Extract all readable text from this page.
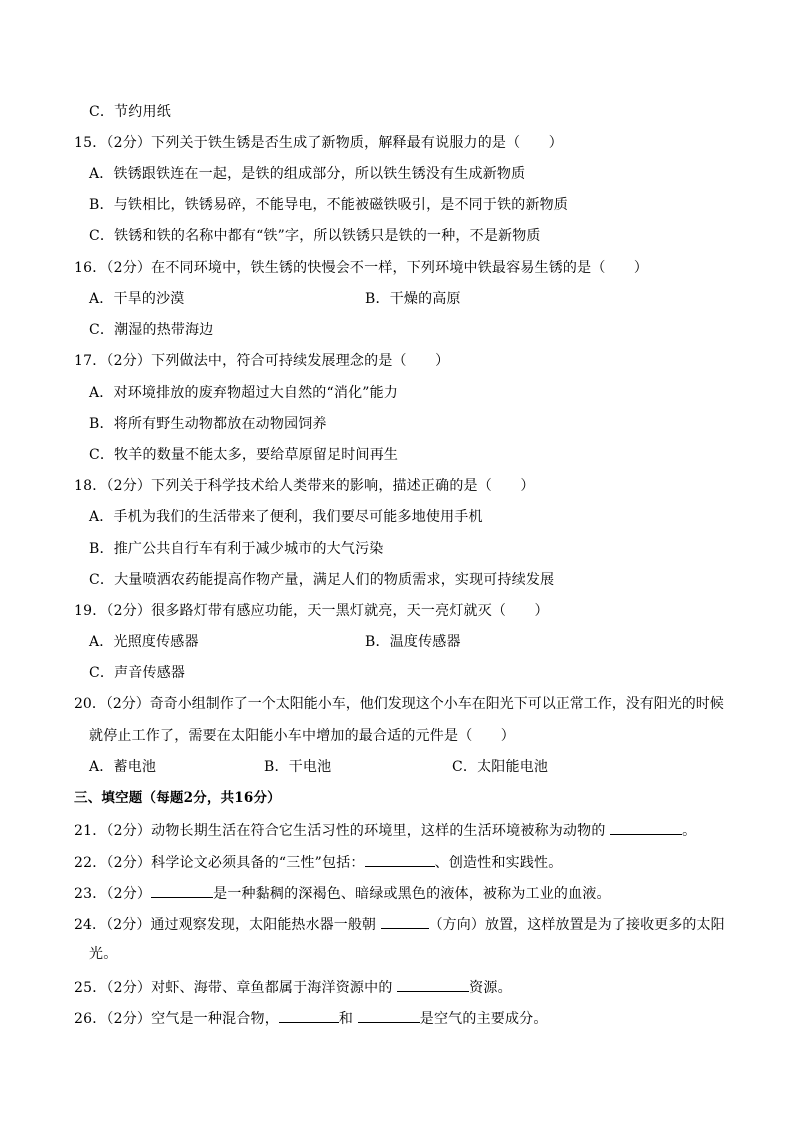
C．节约用纸
15．（2分）下列关于铁生锈是否生成了新物质，解释最有说服力的是（　　）
A．铁锈跟铁连在一起，是铁的组成部分，所以铁生锈没有生成新物质
B．与铁相比，铁锈易碎，不能导电，不能被磁铁吸引，是不同于铁的新物质
C．铁锈和铁的名称中都有“铁”字，所以铁锈只是铁的一种，不是新物质
16．（2分）在不同环境中，铁生锈的快慢会不一样，下列环境中铁最容易生锈的是（　　）
A．干旱的沙漠	B．干燥的高原
C．潮湿的热带海边
17．（2分）下列做法中，符合可持续发展理念的是（　　）
A．对环境排放的废弃物超过大自然的“消化”能力
B．将所有野生动物都放在动物园饲养
C．牧羊的数量不能太多，要给草原留足时间再生
18．（2分）下列关于科学技术给人类带来的影响，描述正确的是（　　）
A．手机为我们的生活带来了便利，我们要尽可能多地使用手机
B．推广公共自行车有利于减少城市的大气污染
C．大量喷洒农药能提高作物产量，满足人们的物质需求，实现可持续发展
19．（2分）很多路灯带有感应功能，天一黑灯就亮，天一亮灯就灭（　　）
A．光照度传感器	B．温度传感器
C．声音传感器
20．（2分）奇奇小组制作了一个太阳能小车，他们发现这个小车在阳光下可以正常工作，没有阳光的时候
就停止工作了，需要在太阳能小车中增加的最合适的元件是（　　）
A．蓄电池	B．干电池	C．太阳能电池
三、填空题（每题2分，共16分）
21．（2分）动物长期生活在符合它生活习性的环境里，这样的生活环境被称为动物的	。
22．（2分）科学论文必须具备的“三性”包括：	、创造性和实践性。
23．（2分）	是一种黏稠的深褐色、暗绿或黑色的液体，被称为工业的血液。
24．（2分）通过观察发现，太阳能热水器一般朝	（方向）放置，这样放置是为了接收更多的太阳
光。
25．（2分）对虾、海带、章鱼都属于海洋资源中的	资源。
26．（2分）空气是一种混合物，	和	是空气的主要成分。
